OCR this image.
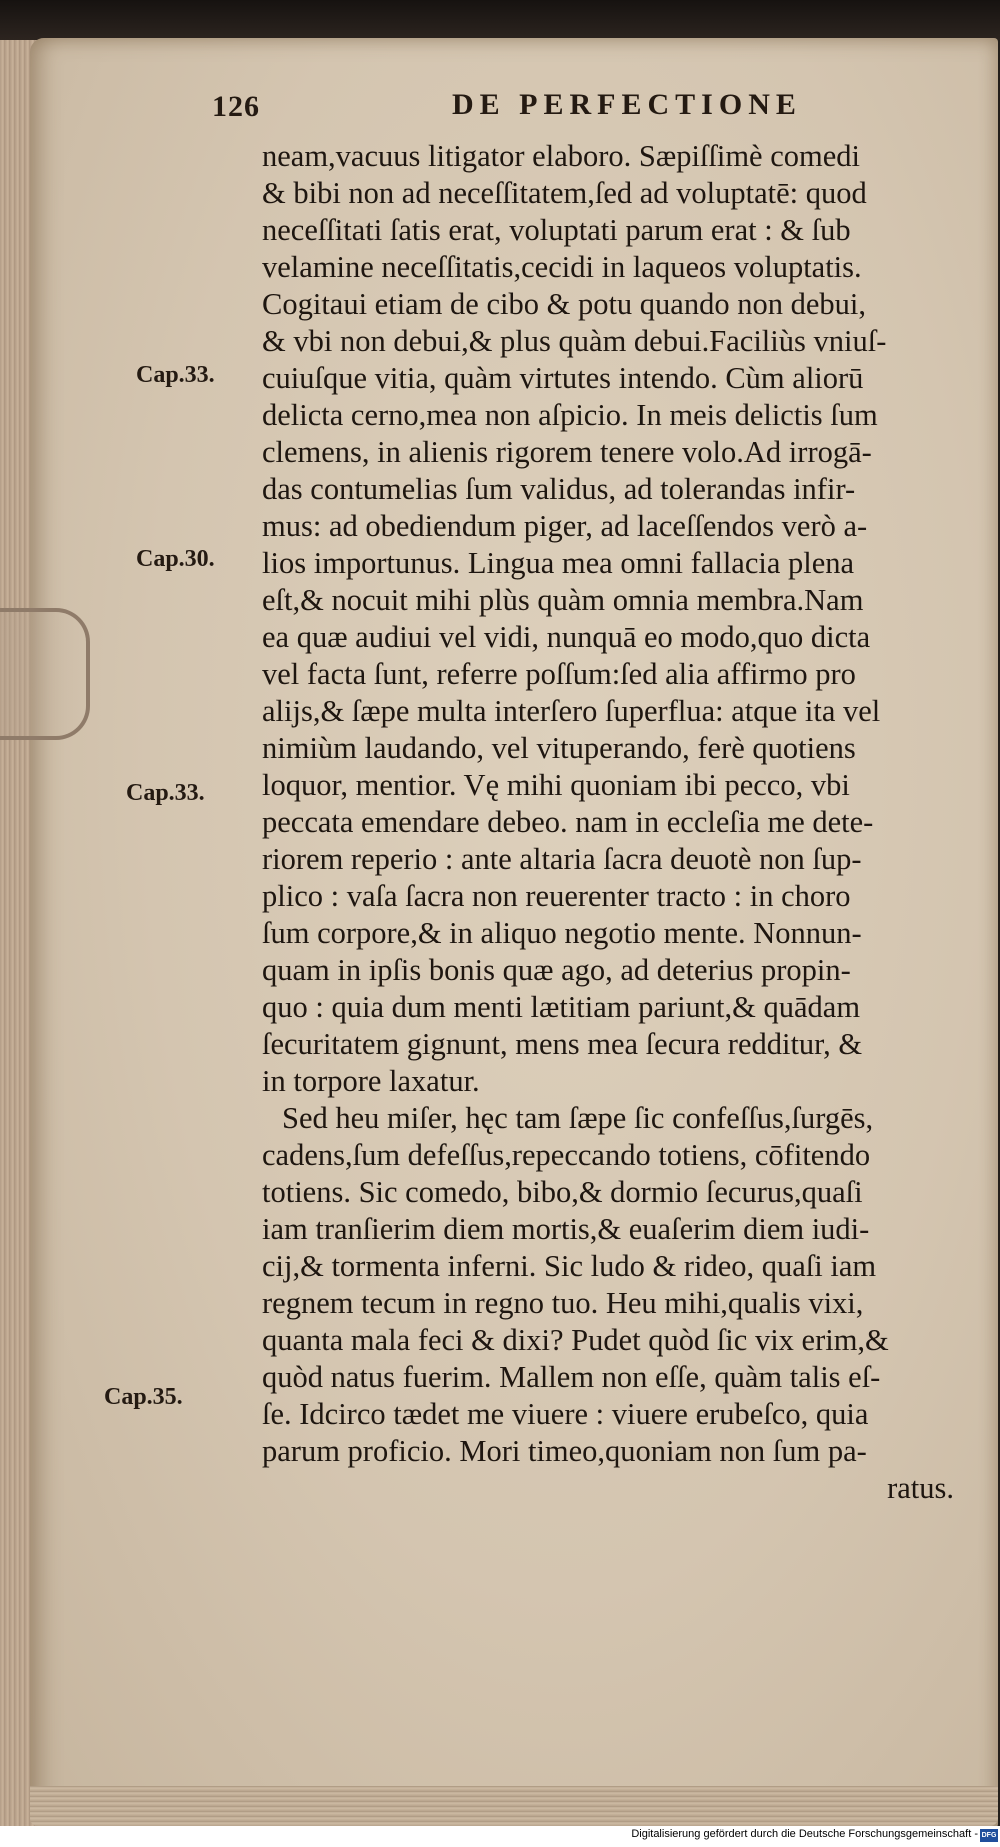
126	DE PERFECTIONE
Cap.33.
Cap.30.
Cap.33.
Cap.35.
neam,vacuus litigator elaboro. Sæpiſſimè comedi
& bibi non ad neceſſitatem,ſed ad voluptatē: quod
neceſſitati ſatis erat, voluptati parum erat : & ſub
velamine neceſſitatis,cecidi in laqueos voluptatis.
Cogitaui etiam de cibo & potu quando non debui,
& vbi non debui,& plus quàm debui.Faciliùs vniuſ-
cuiuſque vitia, quàm virtutes intendo. Cùm aliorū
delicta cerno,mea non aſpicio. In meis delictis ſum
clemens, in alienis rigorem tenere volo.Ad irrogā-
das contumelias ſum validus, ad tolerandas infir-
mus: ad obediendum piger, ad laceſſendos verò a-
lios importunus. Lingua mea omni fallacia plena
eſt,& nocuit mihi plùs quàm omnia membra.Nam
ea quæ audiui vel vidi, nunquā eo modo,quo dicta
vel facta ſunt, referre poſſum:ſed alia affirmo pro
alijs,& ſæpe multa interſero ſuperflua: atque ita vel
nimiùm laudando, vel vituperando, ferè quotiens
loquor, mentior. Vę mihi quoniam ibi pecco, vbi
peccata emendare debeo. nam in eccleſia me dete-
riorem reperio : ante altaria ſacra deuotè non ſup-
plico : vaſa ſacra non reuerenter tracto : in choro
ſum corpore,& in aliquo negotio mente. Nonnun-
quam in ipſis bonis quæ ago, ad deterius propin-
quo : quia dum menti lætitiam pariunt,& quādam
ſecuritatem gignunt, mens mea ſecura redditur, &
in torpore laxatur.
Sed heu miſer, hęc tam ſæpe ſic confeſſus,ſurgēs,
cadens,ſum defeſſus,repeccando totiens, cōfitendo
totiens. Sic comedo, bibo,& dormio ſecurus,quaſi
iam tranſierim diem mortis,& euaſerim diem iudi-
cij,& tormenta inferni. Sic ludo & rideo, quaſi iam
regnem tecum in regno tuo. Heu mihi,qualis vixi,
quanta mala feci & dixi? Pudet quòd ſic vix erim,&
quòd natus fuerim. Mallem non eſſe, quàm talis eſ-
ſe. Idcirco tædet me viuere : viuere erubeſco, quia
parum proficio. Mori timeo,quoniam non ſum pa-
ratus.
Digitalisierung gefördert durch die Deutsche Forschungsgemeinschaft - DFG
